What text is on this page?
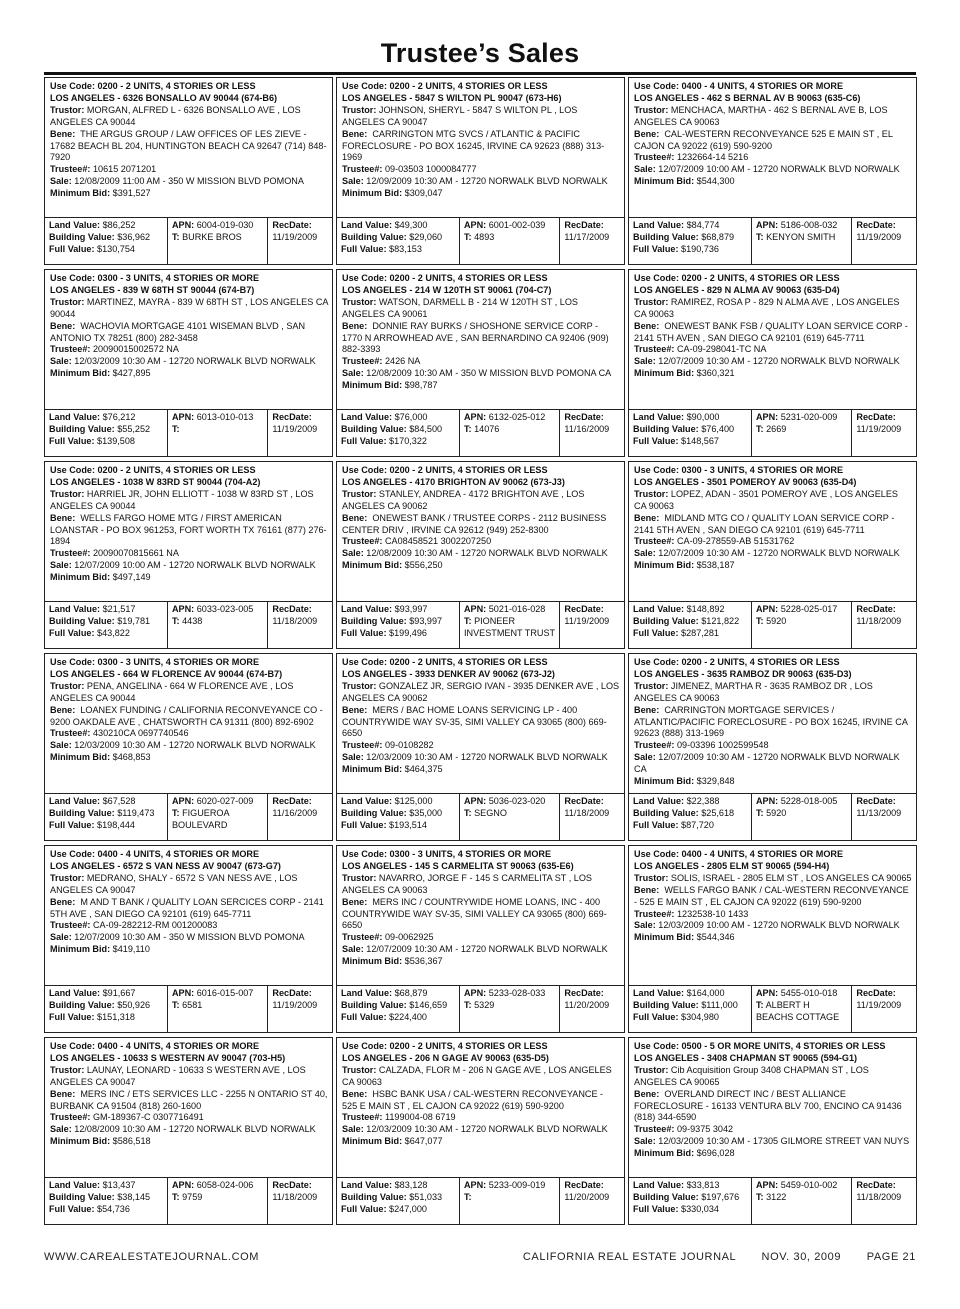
Trustee’s Sales
Use Code: 0200 - 2 UNITS, 4 STORIES OR LESS
LOS ANGELES - 6326 BONSALLO AV 90044 (674-B6)
Trustor: MORGAN, ALFRED L - 6326 BONSALLO AVE , LOS ANGELES CA 90044
Bene: THE ARGUS GROUP / LAW OFFICES OF LES ZIEVE - 17682 BEACH BL 204, HUNTINGTON BEACH CA 92647 (714) 848-7920
Trustee#: 10615 2071201
Sale: 12/08/2009 11:00 AM - 350 W MISSION BLVD POMONA
Minimum Bid: $391,527
Land Value: $86,252
Building Value: $36,962
Full Value: $130,754
APN: 6004-019-030
T: BURKE BROS
RecDate:
11/19/2009
Use Code: 0200 - 2 UNITS, 4 STORIES OR LESS
LOS ANGELES - 5847 S WILTON PL 90047 (673-H6)
Trustor: JOHNSON, SHERYL - 5847 S WILTON PL , LOS ANGELES CA 90047
Bene: CARRINGTON MTG SVCS / ATLANTIC & PACIFIC FORECLOSURE - PO BOX 16245, IRVINE CA 92623 (888) 313-1969
Trustee#: 09-03503 1000084777
Sale: 12/09/2009 10:30 AM - 12720 NORWALK BLVD NORWALK
Minimum Bid: $309,047
Land Value: $49,300
Building Value: $29,060
Full Value: $83,153
APN: 6001-002-039
T: 4893
RecDate:
11/17/2009
Use Code: 0400 - 4 UNITS, 4 STORIES OR MORE
LOS ANGELES - 462 S BERNAL AV B 90063 (635-C6)
Trustor: MENCHACA, MARTHA - 462 S BERNAL AVE B, LOS ANGELES CA 90063
Bene: CAL-WESTERN RECONVEYANCE 525 E MAIN ST , EL CAJON CA 92022 (619) 590-9200
Trustee#: 1232664-14 5216
Sale: 12/07/2009 10:00 AM - 12720 NORWALK BLVD NORWALK
Minimum Bid: $544,300
Land Value: $84,774
Building Value: $68,879
Full Value: $190,736
APN: 5186-008-032
T: KENYON SMITH
RecDate:
11/19/2009
Use Code: 0300 - 3 UNITS, 4 STORIES OR MORE
LOS ANGELES - 839 W 68TH ST 90044 (674-B7)
Trustor: MARTINEZ, MAYRA - 839 W 68TH ST , LOS ANGELES CA 90044
Bene: WACHOVIA MORTGAGE 4101 WISEMAN BLVD , SAN ANTONIO TX 78251 (800) 282-3458
Trustee#: 20090015002572 NA
Sale: 12/03/2009 10:30 AM - 12720 NORWALK BLVD NORWALK
Minimum Bid: $427,895
Land Value: $76,212
Building Value: $55,252
Full Value: $139,508
APN: 6013-010-013
T:
RecDate:
11/19/2009
Use Code: 0200 - 2 UNITS, 4 STORIES OR LESS
LOS ANGELES - 214 W 120TH ST 90061 (704-C7)
Trustor: WATSON, DARMELL B - 214 W 120TH ST , LOS ANGELES CA 90061
Bene: DONNIE RAY BURKS / SHOSHONE SERVICE CORP - 1770 N ARROWHEAD AVE , SAN BERNARDINO CA 92406 (909) 882-3393
Trustee#: 2426 NA
Sale: 12/08/2009 10:30 AM - 350 W MISSION BLVD POMONA CA
Minimum Bid: $98,787
Land Value: $76,000
Building Value: $84,500
Full Value: $170,322
APN: 6132-025-012
T: 14076
RecDate:
11/16/2009
Use Code: 0200 - 2 UNITS, 4 STORIES OR LESS
LOS ANGELES - 829 N ALMA AV 90063 (635-D4)
Trustor: RAMIREZ, ROSA P - 829 N ALMA AVE , LOS ANGELES CA 90063
Bene: ONEWEST BANK FSB / QUALITY LOAN SERVICE CORP - 2141 5TH AVEN , SAN DIEGO CA 92101 (619) 645-7711
Trustee#: CA-09-298041-TC NA
Sale: 12/07/2009 10:30 AM - 12720 NORWALK BLVD NORWALK
Minimum Bid: $360,321
Land Value: $90,000
Building Value: $76,400
Full Value: $148,567
APN: 5231-020-009
T: 2669
RecDate:
11/19/2009
Use Code: 0200 - 2 UNITS, 4 STORIES OR LESS
LOS ANGELES - 1038 W 83RD ST 90044 (704-A2)
Trustor: HARRIEL JR, JOHN ELLIOTT - 1038 W 83RD ST , LOS ANGELES CA 90044
Bene: WELLS FARGO HOME MTG / FIRST AMERICAN LOANSTAR - PO BOX 961253, FORT WORTH TX 76161 (877) 276-1894
Trustee#: 20090070815661 NA
Sale: 12/07/2009 10:00 AM - 12720 NORWALK BLVD NORWALK
Minimum Bid: $497,149
Land Value: $21,517
Building Value: $19,781
Full Value: $43,822
APN: 6033-023-005
T: 4438
RecDate:
11/18/2009
Use Code: 0200 - 2 UNITS, 4 STORIES OR LESS
LOS ANGELES - 4170 BRIGHTON AV 90062 (673-J3)
Trustor: STANLEY, ANDREA - 4172 BRIGHTON AVE , LOS ANGELES CA 90062
Bene: ONEWEST BANK / TRUSTEE CORPS - 2112 BUSINESS CENTER DRIV , IRVINE CA 92612 (949) 252-8300
Trustee#: CA08458521 3002207250
Sale: 12/08/2009 10:30 AM - 12720 NORWALK BLVD NORWALK
Minimum Bid: $556,250
Land Value: $93,997
Building Value: $93,997
Full Value: $199,496
APN: 5021-016-028
T: PIONEER INVESTMENT TRUST
RecDate:
11/19/2009
Use Code: 0300 - 3 UNITS, 4 STORIES OR MORE
LOS ANGELES - 3501 POMEROY AV 90063 (635-D4)
Trustor: LOPEZ, ADAN - 3501 POMEROY AVE , LOS ANGELES CA 90063
Bene: MIDLAND MTG CO / QUALITY LOAN SERVICE CORP - 2141 5TH AVEN , SAN DIEGO CA 92101 (619) 645-7711
Trustee#: CA-09-278559-AB 51531762
Sale: 12/07/2009 10:30 AM - 12720 NORWALK BLVD NORWALK
Minimum Bid: $538,187
Land Value: $148,892
Building Value: $121,822
Full Value: $287,281
APN: 5228-025-017
T: 5920
RecDate:
11/18/2009
Use Code: 0300 - 3 UNITS, 4 STORIES OR MORE
LOS ANGELES - 664 W FLORENCE AV 90044 (674-B7)
Trustor: PENA, ANGELINA - 664 W FLORENCE AVE , LOS ANGELES CA 90044
Bene: LOANEX FUNDING / CALIFORNIA RECONVEYANCE CO - 9200 OAKDALE AVE , CHATSWORTH CA 91311 (800) 892-6902
Trustee#: 430210CA 0697740546
Sale: 12/03/2009 10:30 AM - 12720 NORWALK BLVD NORWALK
Minimum Bid: $468,853
Land Value: $67,528
Building Value: $119,473
Full Value: $198,444
APN: 6020-027-009
T: FIGUEROA BOULEVARD
RecDate:
11/16/2009
Use Code: 0200 - 2 UNITS, 4 STORIES OR LESS
LOS ANGELES - 3933 DENKER AV 90062 (673-J2)
Trustor: GONZALEZ JR, SERGIO IVAN - 3935 DENKER AVE , LOS ANGELES CA 90062
Bene: MERS / BAC HOME LOANS SERVICING LP - 400 COUNTRYWIDE WAY SV-35, SIMI VALLEY CA 93065 (800) 669-6650
Trustee#: 09-0108282
Sale: 12/03/2009 10:30 AM - 12720 NORWALK BLVD NORWALK
Minimum Bid: $464,375
Land Value: $125,000
Building Value: $35,000
Full Value: $193,514
APN: 5036-023-020
T: SEGNO
RecDate:
11/18/2009
Use Code: 0200 - 2 UNITS, 4 STORIES OR LESS
LOS ANGELES - 3635 RAMBOZ DR 90063 (635-D3)
Trustor: JIMENEZ, MARTHA R - 3635 RAMBOZ DR , LOS ANGELES CA 90063
Bene: CARRINGTON MORTGAGE SERVICES / ATLANTIC/PACIFIC FORECLOSURE - PO BOX 16245, IRVINE CA 92623 (888) 313-1969
Trustee#: 09-03396 1002599548
Sale: 12/07/2009 10:30 AM - 12720 NORWALK BLVD NORWALK CA
Minimum Bid: $329,848
Land Value: $22,388
Building Value: $25,618
Full Value: $87,720
APN: 5228-018-005
T: 5920
RecDate:
11/13/2009
Use Code: 0400 - 4 UNITS, 4 STORIES OR MORE
LOS ANGELES - 6572 S VAN NESS AV 90047 (673-G7)
Trustor: MEDRANO, SHALY - 6572 S VAN NESS AVE , LOS ANGELES CA 90047
Bene: M AND T BANK / QUALITY LOAN SERCICES CORP - 2141 5TH AVE , SAN DIEGO CA 92101 (619) 645-7711
Trustee#: CA-09-282212-RM 001200083
Sale: 12/07/2009 10:30 AM - 350 W MISSION BLVD POMONA
Minimum Bid: $419,110
Land Value: $91,667
Building Value: $50,926
Full Value: $151,318
APN: 6016-015-007
T: 6581
RecDate:
11/19/2009
Use Code: 0300 - 3 UNITS, 4 STORIES OR MORE
LOS ANGELES - 145 S CARMELITA ST 90063 (635-E6)
Trustor: NAVARRO, JORGE F - 145 S CARMELITA ST , LOS ANGELES CA 90063
Bene: MERS INC / COUNTRYWIDE HOME LOANS, INC - 400 COUNTRYWIDE WAY SV-35, SIMI VALLEY CA 93065 (800) 669-6650
Trustee#: 09-0062925
Sale: 12/07/2009 10:30 AM - 12720 NORWALK BLVD NORWALK
Minimum Bid: $536,367
Land Value: $68,879
Building Value: $146,659
Full Value: $224,400
APN: 5233-028-033
T: 5329
RecDate:
11/20/2009
Use Code: 0400 - 4 UNITS, 4 STORIES OR MORE
LOS ANGELES - 2805 ELM ST 90065 (594-H4)
Trustor: SOLIS, ISRAEL - 2805 ELM ST , LOS ANGELES CA 90065
Bene: WELLS FARGO BANK / CAL-WESTERN RECONVEYANCE - 525 E MAIN ST , EL CAJON CA 92022 (619) 590-9200
Trustee#: 1232538-10 1433
Sale: 12/03/2009 10:00 AM - 12720 NORWALK BLVD NORWALK
Minimum Bid: $544,346
Land Value: $164,000
Building Value: $111,000
Full Value: $304,980
APN: 5455-010-018
T: ALBERT H BEACHS COTTAGE
RecDate:
11/19/2009
Use Code: 0400 - 4 UNITS, 4 STORIES OR MORE
LOS ANGELES - 10633 S WESTERN AV 90047 (703-H5)
Trustor: LAUNAY, LEONARD - 10633 S WESTERN AVE , LOS ANGELES CA 90047
Bene: MERS INC / ETS SERVICES LLC - 2255 N ONTARIO ST 40, BURBANK CA 91504 (818) 260-1600
Trustee#: GM-189367-C 0307716491
Sale: 12/08/2009 10:30 AM - 12720 NORWALK BLVD NORWALK
Minimum Bid: $586,518
Land Value: $13,437
Building Value: $38,145
Full Value: $54,736
APN: 6058-024-006
T: 9759
RecDate:
11/18/2009
Use Code: 0200 - 2 UNITS, 4 STORIES OR LESS
LOS ANGELES - 206 N GAGE AV 90063 (635-D5)
Trustor: CALZADA, FLOR M - 206 N GAGE AVE , LOS ANGELES CA 90063
Bene: HSBC BANK USA / CAL-WESTERN RECONVEYANCE - 525 E MAIN ST , EL CAJON CA 92022 (619) 590-9200
Trustee#: 1199004-08 6719
Sale: 12/03/2009 10:30 AM - 12720 NORWALK BLVD NORWALK
Minimum Bid: $647,077
Land Value: $83,128
Building Value: $51,033
Full Value: $247,000
APN: 5233-009-019
T:
RecDate:
11/20/2009
Use Code: 0500 - 5 OR MORE UNITS, 4 STORIES OR LESS
LOS ANGELES - 3408 CHAPMAN ST 90065 (594-G1)
Trustor: Cib Acquisition Group 3408 CHAPMAN ST , LOS ANGELES CA 90065
Bene: OVERLAND DIRECT INC / BEST ALLIANCE FORECLOSURE - 16133 VENTURA BLV 700, ENCINO CA 91436 (818) 344-6590
Trustee#: 09-9375 3042
Sale: 12/03/2009 10:30 AM - 17305 GILMORE STREET VAN NUYS
Minimum Bid: $696,028
Land Value: $33,813
Building Value: $197,676
Full Value: $330,034
APN: 5459-010-002
T: 3122
RecDate:
11/18/2009
WWW.CAREALESTATEJOURNAL.COM	CALIFORNIA REAL ESTATE JOURNAL NOV. 30, 2009 PAGE 21
